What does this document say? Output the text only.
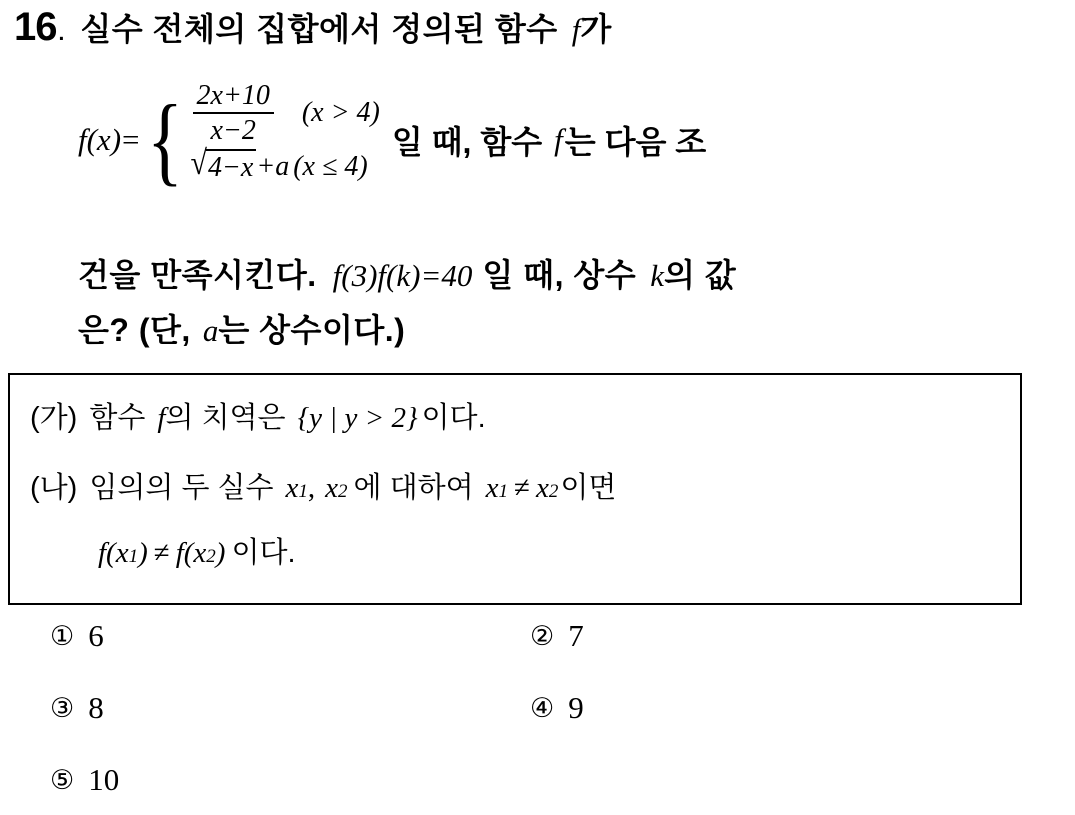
16 . 실수 전체의 집합에서 정의된 함수 f 가
f(x) = { $\frac{2x+10}{x-2} (x > 4)$
√ 4−x +a (x ≤ 4)
일 때, 함수 f 는 다음 조
건을 만족시킨다. f(3)f(k)=40 일 때, 상수 k 의 값
은? (단, a 는 상수이다.)
(가) 함수 f 의 치역은 {y | y > 2} 이다.
(나) 임의의 두 실수 x 1 , x 2 에 대하여 x 1 ≠ x 2 이면
f(x 1 ) ≠ f(x 2 ) 이다.
① 6	② 7
③ 8	④ 9
⑤ 10
